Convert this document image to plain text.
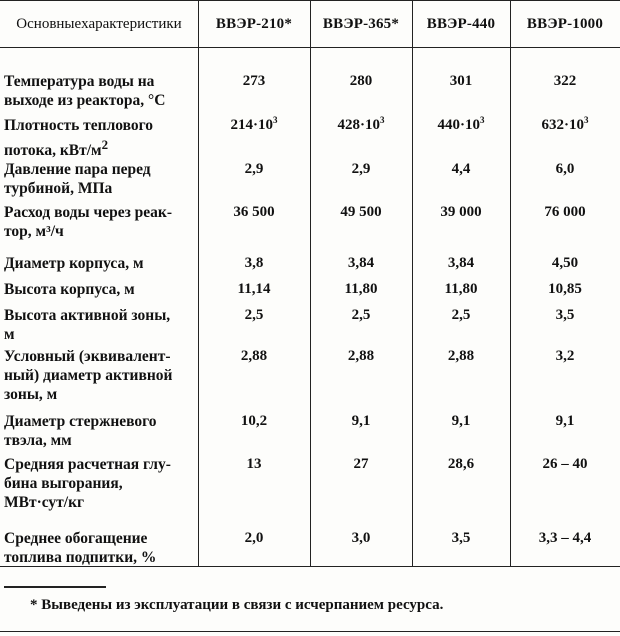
Основные характеристики	ВВЭР-210*	ВВЭР-365*	ВВЭР-440	ВВЭР-1000
Температура воды на
выходе из реактора, °С
273	280	301	322
Плотность теплового
потока, кВт/$м^2$
$214\cdot 10^3$	$428\cdot 10^3$	$440\cdot 10^3$	$632\cdot 10^3$
Давление пара перед
турбиной, МПа
2,9	2,9	4,4	6,0
Расход воды через реак-
тор, м³/ч
36 500	49 500	39 000	76 000
Диаметр корпуса, м	3,8	3,84	3,84	4,50
Высота корпуса, м	11,14	11,80	11,80	10,85
Высота активной зоны,
м
2,5	2,5	2,5	3,5
Условный (эквивалент-
ный) диаметр активной
зоны, м
2,88	2,88	2,88	3,2
Диаметр стержневого
твэла, мм
10,2	9,1	9,1	9,1
Средняя расчетная глу-
бина выгорания,
МВт·сут/кг
13	27	28,6	26 – 40
Среднее обогащение
топлива подпитки, %
2,0	3,0	3,5	3,3 – 4,4
* Выведены из эксплуатации в связи с исчерпанием ресурса.
